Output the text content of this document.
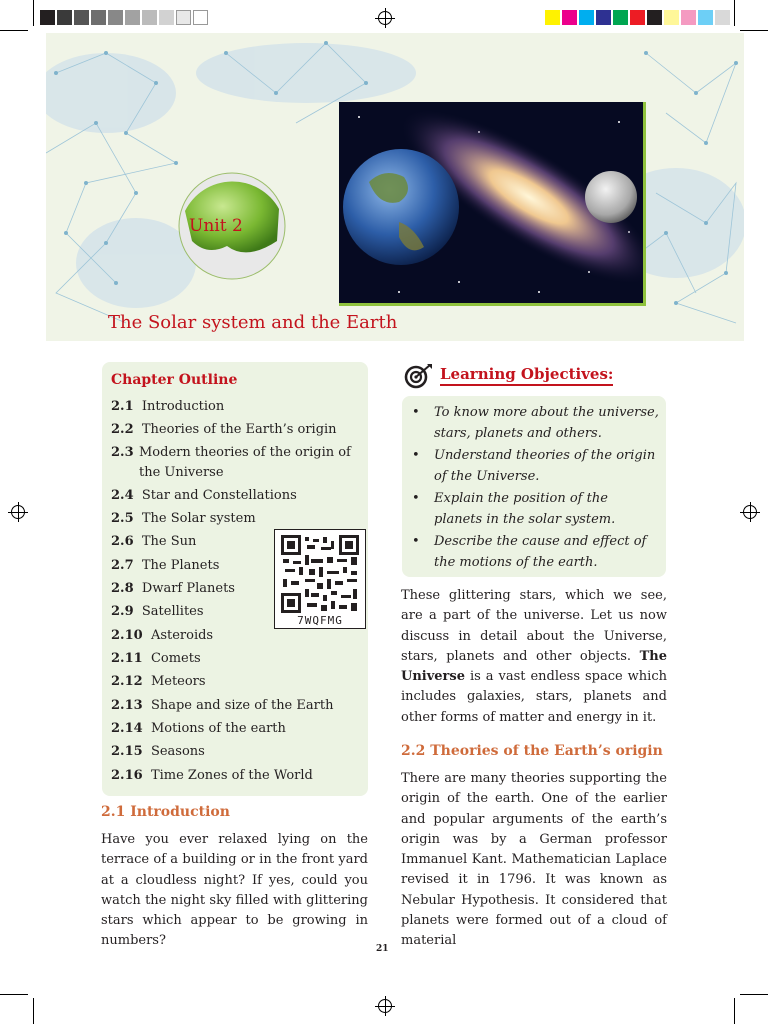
Unit 2
The Solar system and the Earth
Chapter Outline
2.1 Introduction
2.2 Theories of the Earth’s origin
2.3 Modern theories of the origin of the Universe
2.4 Star and Constellations
2.5 The Solar system
2.6 The Sun
2.7 The Planets
2.8 Dwarf Planets
2.9 Satellites
2.10 Asteroids
2.11 Comets
2.12 Meteors
2.13 Shape and size of the Earth
2.14 Motions of the earth
2.15 Seasons
2.16 Time Zones of the World
7WQFMG
2.1 Introduction

Have you ever relaxed lying on the terrace of a building or in the front yard at a cloudless night? If yes, could you watch the night sky filled with glittering stars which appear to be growing in numbers?

Learning Objectives:
• To know more about the universe, stars, planets and others.
• Understand theories of the origin of the Universe.
• Explain the position of the planets in the solar system.
• Describe the cause and effect of the motions of the earth.

These glittering stars, which we see, are a part of the universe. Let us now discuss in detail about the Universe, stars, planets and other objects. The Universe is a vast endless space which includes galaxies, stars, planets and other forms of matter and energy in it.

2.2 Theories of the Earth’s origin

There are many theories supporting the origin of the earth. One of the earlier and popular arguments of the earth’s origin was by a German professor Immanuel Kant. Mathematician Laplace revised it in 1796. It was known as Nebular Hypothesis. It considered that planets were formed out of a cloud of material

21
